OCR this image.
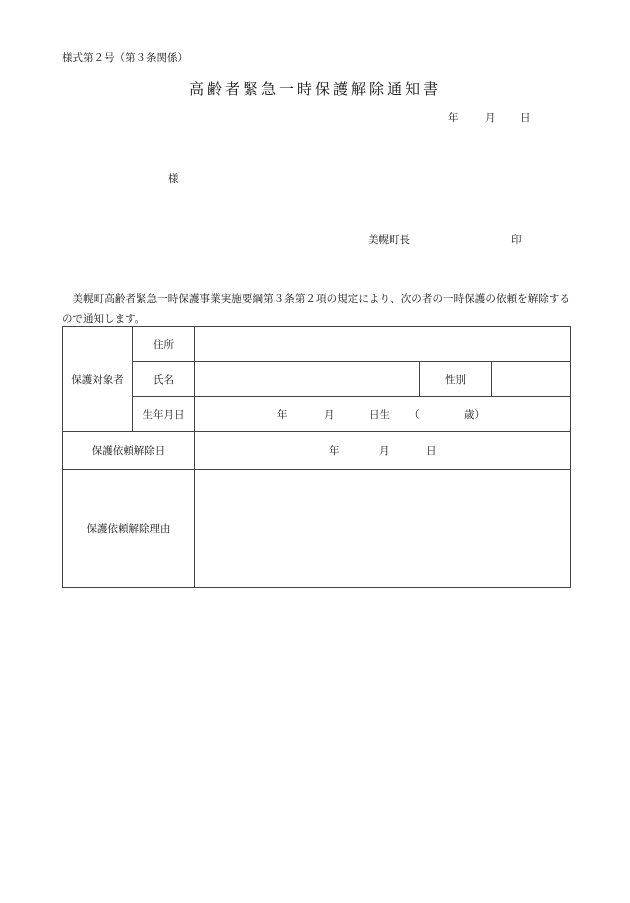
様式第２号（第３条関係）
高齢者緊急一時保護解除通知書
年	月 日
様
美幌町長	印
美幌町高齢者緊急一時保護事業実施要綱第３条第２項の規定により、次の者の一時保護の依頼を解除するので通知します。
保護対象者	住所			
	氏名		性別	
	生年月日	年 月 日生 （ 歳）		
保護依頼解除日		年 月 日		
保護依頼解除理由				
